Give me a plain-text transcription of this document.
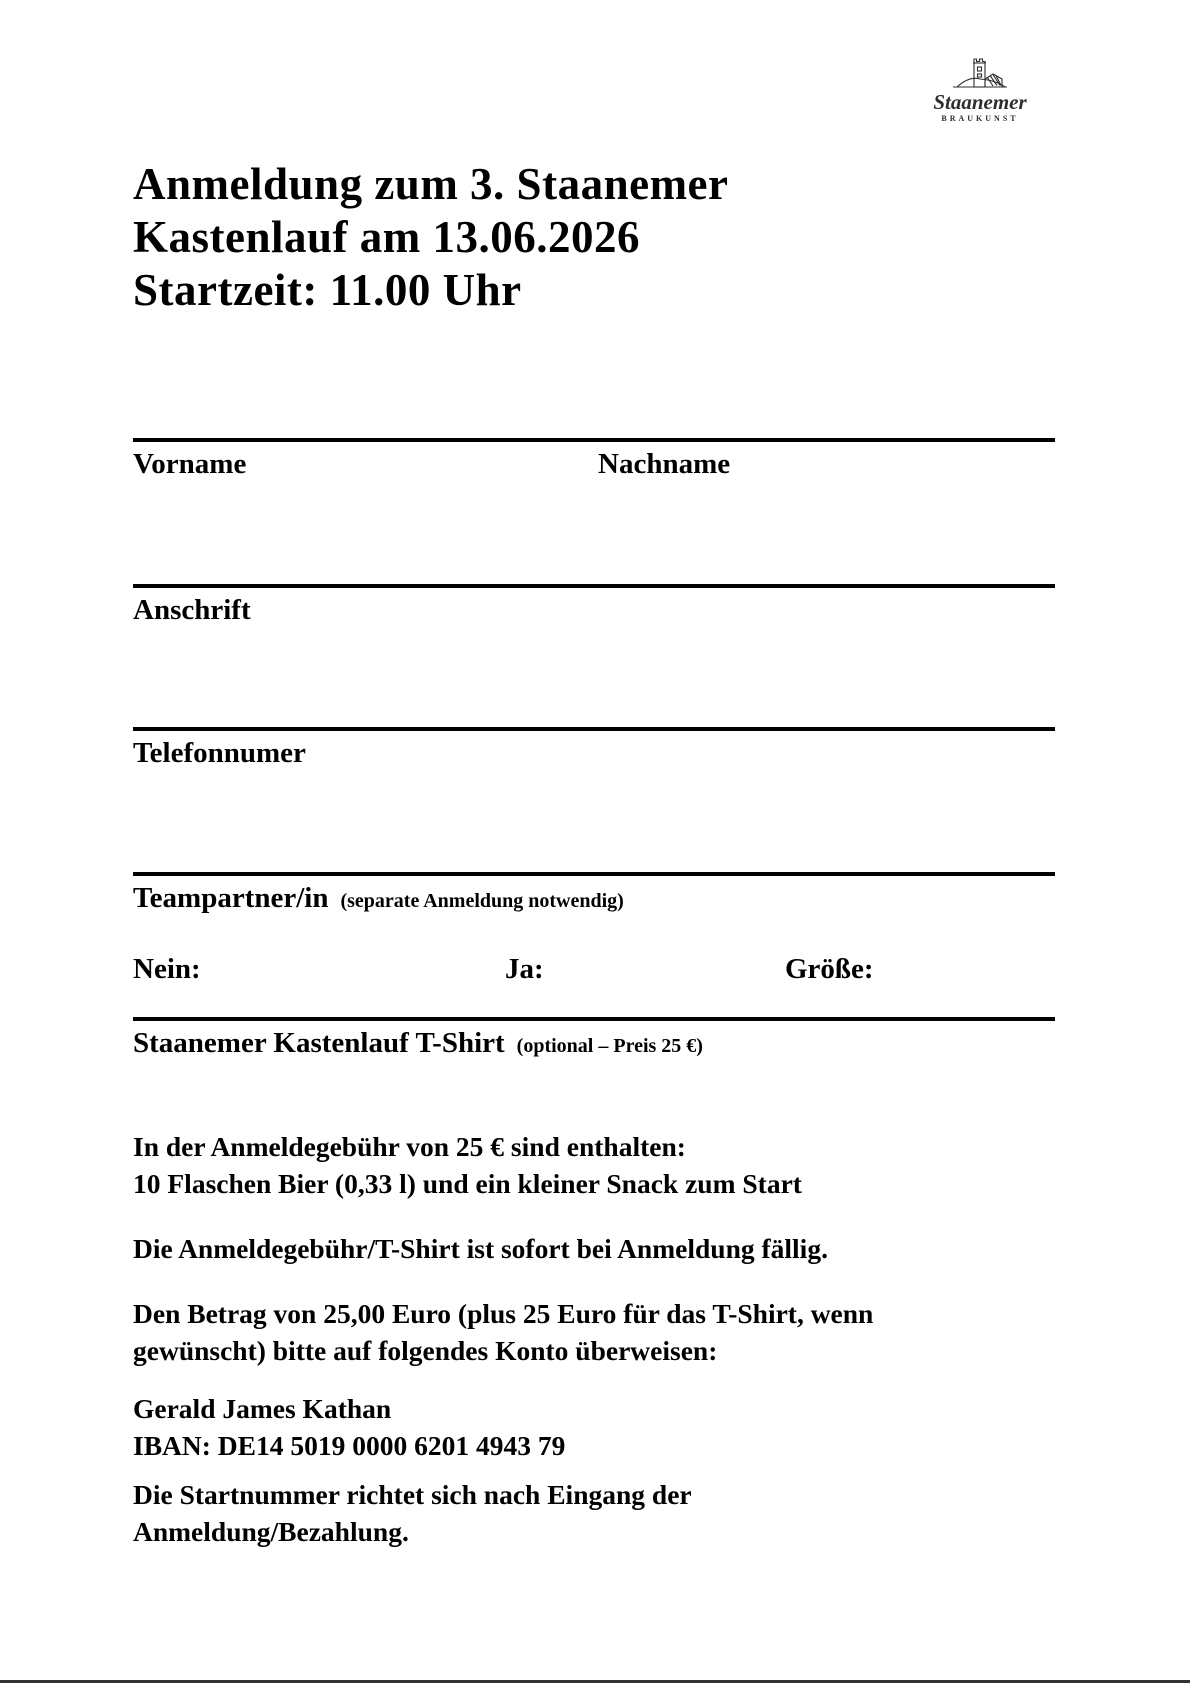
Staanemer
BRAUKUNST
Anmeldung zum 3. Staanemer
Kastenlauf am 13.06.2026
Startzeit: 11.00 Uhr
Vorname	Nachname
Anschrift
Telefonnumer
Teampartner/in (separate Anmeldung notwendig)
Nein:	Ja:	Größe:
Staanemer Kastenlauf T-Shirt (optional – Preis 25 €)
In der Anmeldegebühr von 25 € sind enthalten:
10 Flaschen Bier (0,33 l) und ein kleiner Snack zum Start
Die Anmeldegebühr/T-Shirt ist sofort bei Anmeldung fällig.
Den Betrag von 25,00 Euro (plus 25 Euro für das T-Shirt, wenn
gewünscht) bitte auf folgendes Konto überweisen:
Gerald James Kathan
IBAN: DE14 5019 0000 6201 4943 79
Die Startnummer richtet sich nach Eingang der
Anmeldung/Bezahlung.
